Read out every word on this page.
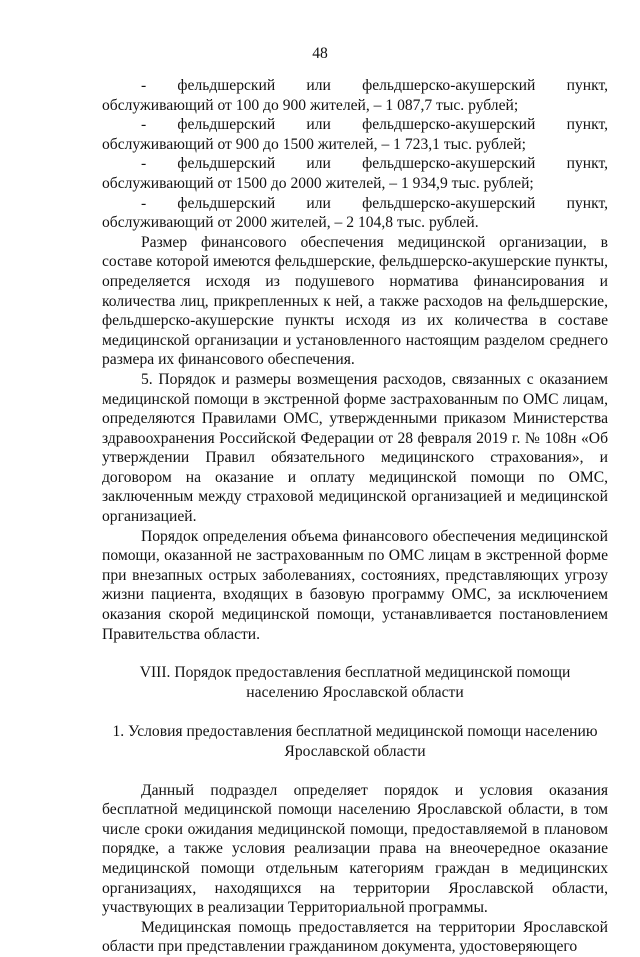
48

- фельдшерский или фельдшерско-акушерский пункт, обслуживающий от 100 до 900 жителей, – 1 087,7 тыс. рублей;

- фельдшерский или фельдшерско-акушерский пункт, обслуживающий от 900 до 1500 жителей, – 1 723,1 тыс. рублей;

- фельдшерский или фельдшерско-акушерский пункт, обслуживающий от 1500 до 2000 жителей, – 1 934,9 тыс. рублей;

- фельдшерский или фельдшерско-акушерский пункт, обслуживающий от 2000 жителей, – 2 104,8 тыс. рублей.

Размер финансового обеспечения медицинской организации, в составе которой имеются фельдшерские, фельдшерско-акушерские пункты, определяется исходя из подушевого норматива финансирования и количества лиц, прикрепленных к ней, а также расходов на фельдшерские, фельдшерско-акушерские пункты исходя из их количества в составе медицинской организации и установленного настоящим разделом среднего размера их финансового обеспечения.

5. Порядок и размеры возмещения расходов, связанных с оказанием медицинской помощи в экстренной форме застрахованным по ОМС лицам, определяются Правилами ОМС, утвержденными приказом Министерства здравоохранения Российской Федерации от 28 февраля 2019 г. № 108н «Об утверждении Правил обязательного медицинского страхования», и договором на оказание и оплату медицинской помощи по ОМС, заключенным между страховой медицинской организацией и медицинской организацией.

Порядок определения объема финансового обеспечения медицинской помощи, оказанной не застрахованным по ОМС лицам в экстренной форме при внезапных острых заболеваниях, состояниях, представляющих угрозу жизни пациента, входящих в базовую программу ОМС, за исключением оказания скорой медицинской помощи, устанавливается постановлением Правительства области.

VIII. Порядок предоставления бесплатной медицинской помощи населению Ярославской области

1. Условия предоставления бесплатной медицинской помощи населению Ярославской области

Данный подраздел определяет порядок и условия оказания бесплатной медицинской помощи населению Ярославской области, в том числе сроки ожидания медицинской помощи, предоставляемой в плановом порядке, а также условия реализации права на внеочередное оказание медицинской помощи отдельным категориям граждан в медицинских организациях, находящихся на территории Ярославской области, участвующих в реализации Территориальной программы.

Медицинская помощь предоставляется на территории Ярославской области при представлении гражданином документа, удостоверяющего
